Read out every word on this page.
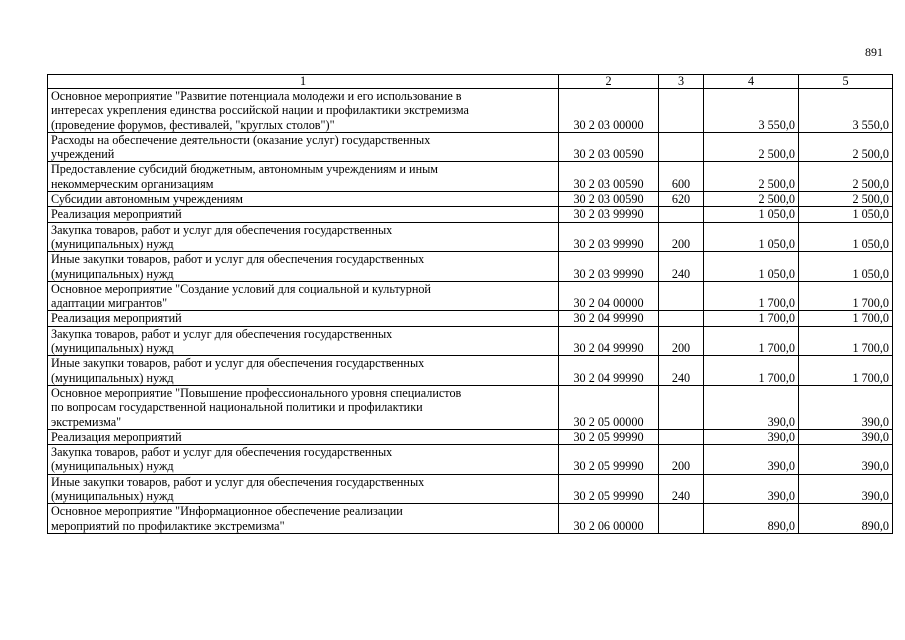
891
1	2	3	4	5

Основное мероприятие "Развитие потенциала молодежи и его использование в
интересах укрепления единства российской нации и профилактики экстремизма
(проведение форумов, фестивалей, "круглых столов")"	30 2 03 00000		3 550,0	3 550,0

Расходы на обеспечение деятельности (оказание услуг) государственных
учреждений	30 2 03 00590		2 500,0	2 500,0

Предоставление субсидий бюджетным, автономным учреждениям и иным
некоммерческим организациям	30 2 03 00590	600	2 500,0	2 500,0

Субсидии автономным учреждениям	30 2 03 00590	620	2 500,0	2 500,0

Реализация мероприятий	30 2 03 99990		1 050,0	1 050,0

Закупка товаров, работ и услуг для обеспечения государственных
(муниципальных) нужд	30 2 03 99990	200	1 050,0	1 050,0

Иные закупки товаров, работ и услуг для обеспечения государственных
(муниципальных) нужд	30 2 03 99990	240	1 050,0	1 050,0

Основное мероприятие "Создание условий для социальной и культурной
адаптации мигрантов"	30 2 04 00000		1 700,0	1 700,0

Реализация мероприятий	30 2 04 99990		1 700,0	1 700,0

Закупка товаров, работ и услуг для обеспечения государственных
(муниципальных) нужд	30 2 04 99990	200	1 700,0	1 700,0

Иные закупки товаров, работ и услуг для обеспечения государственных
(муниципальных) нужд	30 2 04 99990	240	1 700,0	1 700,0

Основное мероприятие "Повышение профессионального уровня специалистов
по вопросам государственной национальной политики и профилактики
экстремизма"	30 2 05 00000		390,0	390,0

Реализация мероприятий	30 2 05 99990		390,0	390,0

Закупка товаров, работ и услуг для обеспечения государственных
(муниципальных) нужд	30 2 05 99990	200	390,0	390,0

Иные закупки товаров, работ и услуг для обеспечения государственных
(муниципальных) нужд	30 2 05 99990	240	390,0	390,0

Основное мероприятие "Информационное обеспечение реализации
мероприятий по профилактике экстремизма"	30 2 06 00000		890,0	890,0
